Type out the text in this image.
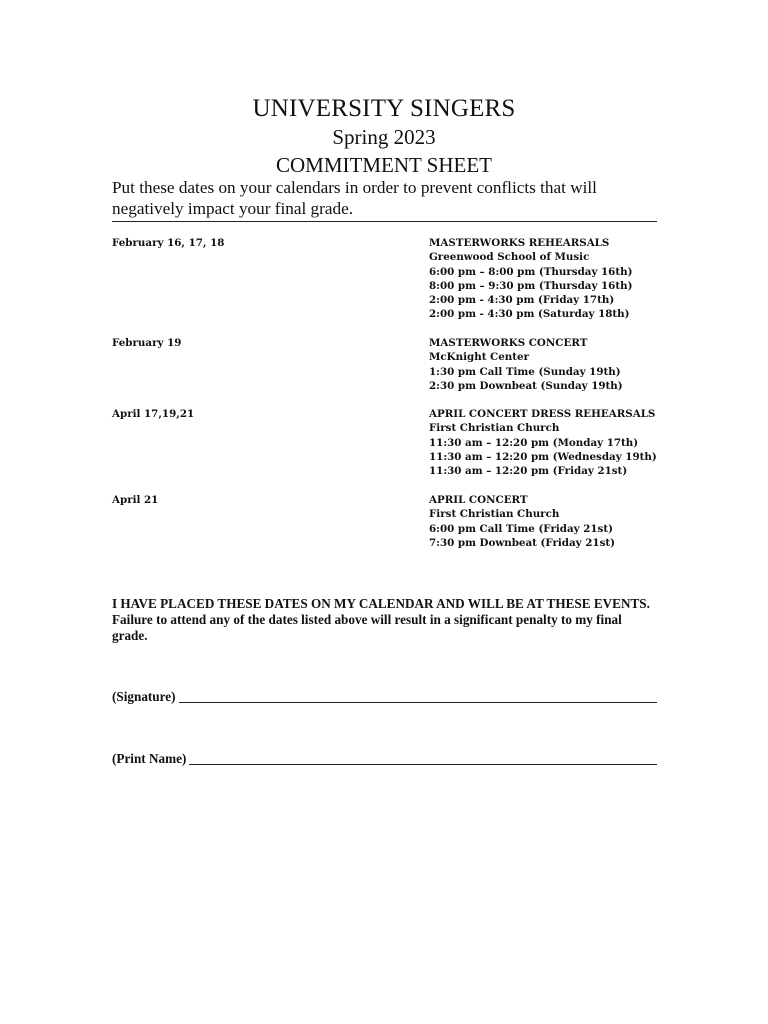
UNIVERSITY SINGERS
Spring 2023
COMMITMENT SHEET
Put these dates on your calendars in order to prevent conflicts that will negatively impact your final grade.
February 16, 17, 18	MASTERWORKS REHEARSALS
Greenwood School of Music
6:00 pm – 8:00 pm (Thursday 16th)
8:00 pm – 9:30 pm (Thursday 16th)
2:00 pm - 4:30 pm (Friday 17th)
2:00 pm - 4:30 pm (Saturday 18th)
February 19	MASTERWORKS CONCERT
McKnight Center
1:30 pm Call Time (Sunday 19th)
2:30 pm Downbeat (Sunday 19th)
April 17,19,21	APRIL CONCERT DRESS REHEARSALS
First Christian Church
11:30 am – 12:20 pm (Monday 17th)
11:30 am – 12:20 pm (Wednesday 19th)
11:30 am – 12:20 pm (Friday 21st)
April 21	APRIL CONCERT
First Christian Church
6:00 pm Call Time (Friday 21st)
7:30 pm Downbeat (Friday 21st)
I HAVE PLACED THESE DATES ON MY CALENDAR AND WILL BE AT THESE EVENTS.
Failure to attend any of the dates listed above will result in a significant penalty to my final grade.
(Signature)
(Print Name)
